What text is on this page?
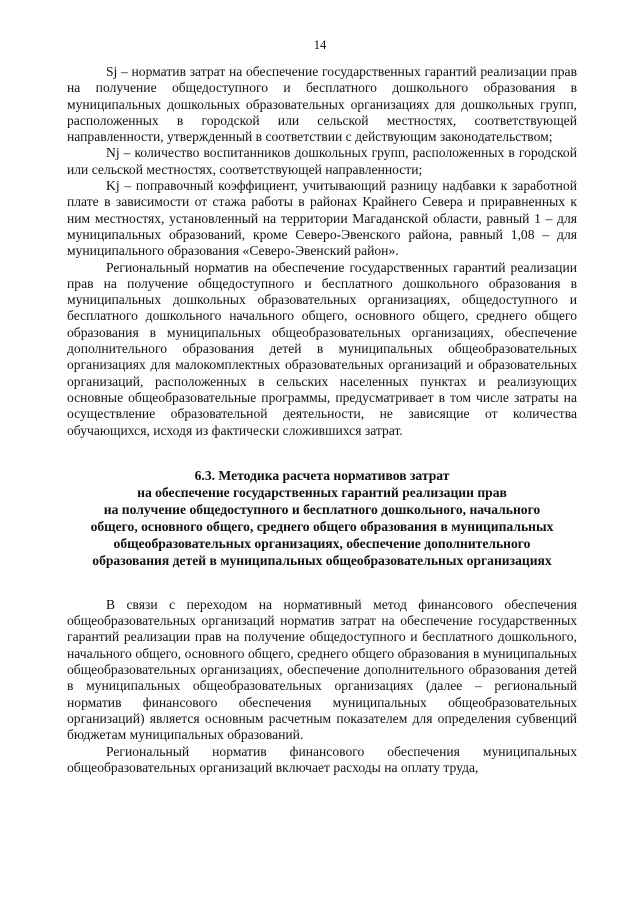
14

Sj – норматив затрат на обеспечение государственных гарантий реализации прав на получение общедоступного и бесплатного дошкольного образования в муниципальных дошкольных образовательных организациях для дошкольных групп, расположенных в городской или сельской местностях, соответствующей направленности, утвержденный в соответствии с действующим законодательством;

Nj – количество воспитанников дошкольных групп, расположенных в городской или сельской местностях, соответствующей направленности;

Kj – поправочный коэффициент, учитывающий разницу надбавки к заработной плате в зависимости от стажа работы в районах Крайнего Севера и приравненных к ним местностях, установленный на территории Магаданской области, равный 1 – для муниципальных образований, кроме Северо-Эвенского района, равный 1,08 – для муниципального образования «Северо-Эвенский район».

Региональный норматив на обеспечение государственных гарантий реализации прав на получение общедоступного и бесплатного дошкольного образования в муниципальных дошкольных образовательных организациях, общедоступного и бесплатного дошкольного начального общего, основного общего, среднего общего образования в муниципальных общеобразовательных организациях, обеспечение дополнительного образования детей в муниципальных общеобразовательных организациях для малокомплектных образовательных организаций и образовательных организаций, расположенных в сельских населенных пунктах и реализующих основные общеобразовательные программы, предусматривает в том числе затраты на осуществление образовательной деятельности, не зависящие от количества обучающихся, исходя из фактически сложившихся затрат.

6.3. Методика расчета нормативов затрат
на обеспечение государственных гарантий реализации прав
на получение общедоступного и бесплатного дошкольного, начального
общего, основного общего, среднего общего образования в муниципальных
общеобразовательных организациях, обеспечение дополнительного
образования детей в муниципальных общеобразовательных организациях

В связи с переходом на нормативный метод финансового обеспечения общеобразовательных организаций норматив затрат на обеспечение государственных гарантий реализации прав на получение общедоступного и бесплатного дошкольного, начального общего, основного общего, среднего общего образования в муниципальных общеобразовательных организациях, обеспечение дополнительного образования детей в муниципальных общеобразовательных организациях (далее – региональный норматив финансового обеспечения муниципальных общеобразовательных организаций) является основным расчетным показателем для определения субвенций бюджетам муниципальных образований.

Региональный норматив финансового обеспечения муниципальных общеобразовательных организаций включает расходы на оплату труда,
